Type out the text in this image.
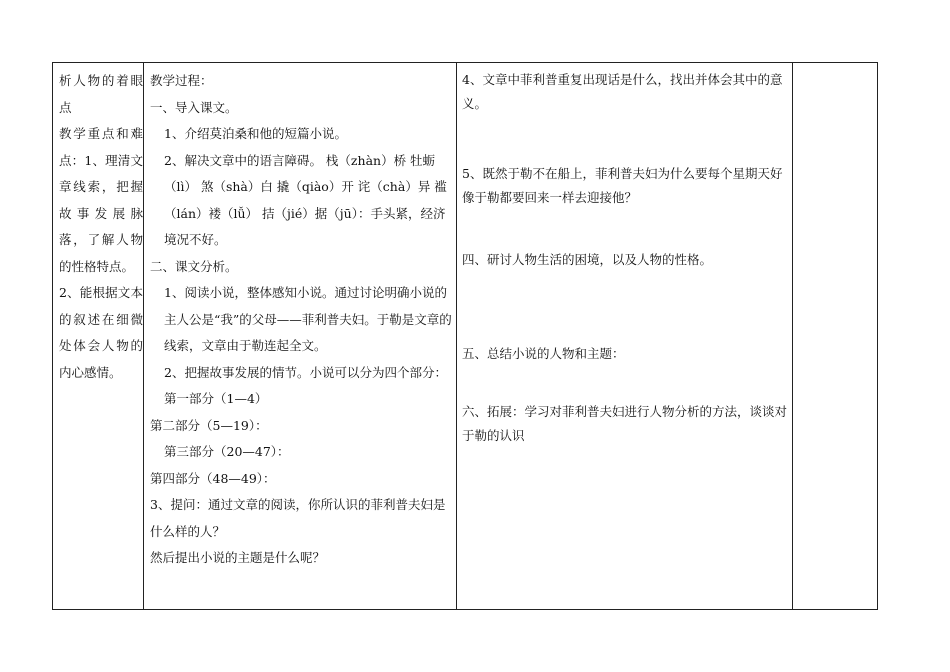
析人物的着眼点

教学重点和难点：1、理清文章线索，把握故事发展脉落，了解人物的性格特点。

2、能根据文本的叙述在细微处体会人物的内心感情。

教学过程：

一、导入课文。

1、介绍莫泊桑和他的短篇小说。

2、解决文章中的语言障碍。 栈（zhàn）桥 牡蛎（lì） 煞（shà）白 撬（qiào）开 诧（chà）异 褴（lán）褛（lǚ） 拮（jié）据（jū）：手头紧，经济境况不好。

二、课文分析。

1、阅读小说，整体感知小说。通过讨论明确小说的主人公是“我”的父母——菲利普夫妇。于勒是文章的线索，文章由于勒连起全文。

2、把握故事发展的情节。小说可以分为四个部分：

第一部分（1—4）

第二部分（5—19）：

第三部分（20—47）：

第四部分（48—49）：

3、提问：通过文章的阅读，你所认识的菲利普夫妇是什么样的人？

然后提出小说的主题是什么呢？

4、文章中菲利普重复出现话是什么，找出并体会其中的意义。

5、既然于勒不在船上，菲利普夫妇为什么要每个星期天好像于勒都要回来一样去迎接他？

四、研讨人物生活的困境，以及人物的性格。

五、总结小说的人物和主题：

六、拓展：学习对菲利普夫妇进行人物分析的方法，谈谈对于勒的认识
